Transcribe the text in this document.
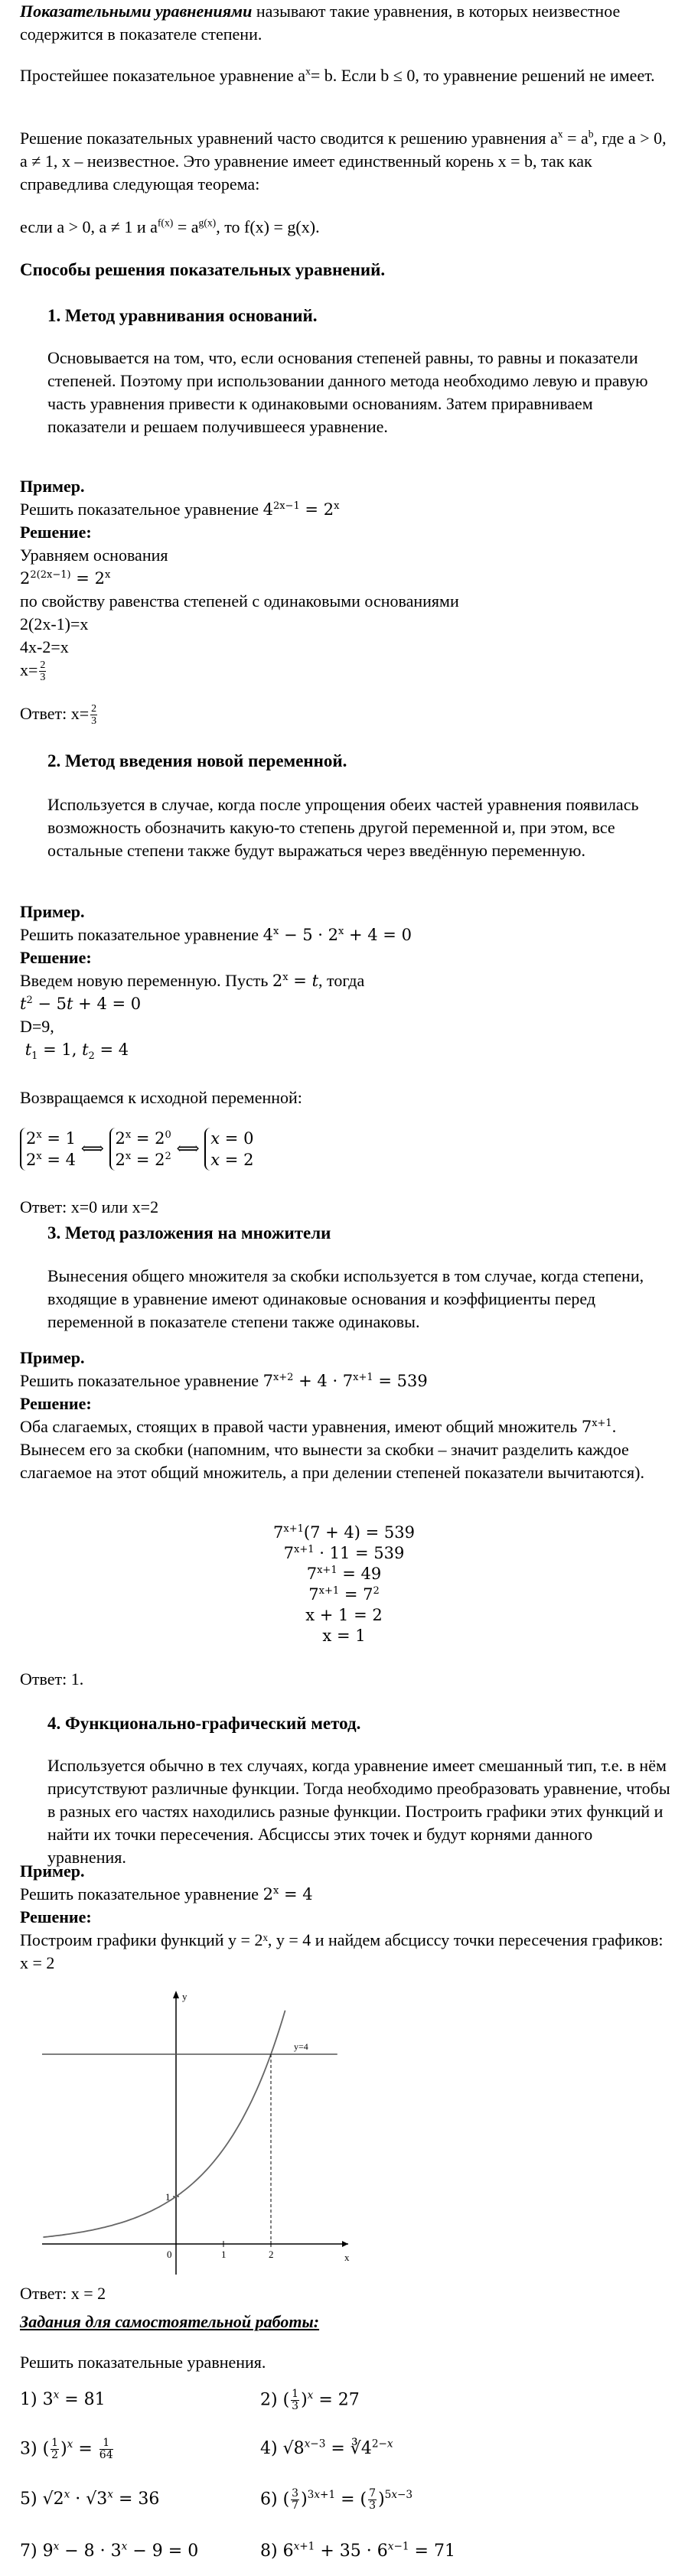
Показательными уравнениями называют такие уравнения, в которых неизвестное содержится в показателе степени.
Простейшее показательное уравнение $a^x= b$. Если b ≤ 0, то уравнение решений не имеет.
Решение показательных уравнений часто сводится к решению уравнения $a^x = a^b$, где a > 0, a ≠ 1, x – неизвестное. Это уравнение имеет единственный корень x = b, так как справедлива следующая теорема:
если a > 0, a ≠ 1 и $a^{f(x)} = a^{g(x)}$, то f(x) = g(x).
Способы решения показательных уравнений.
1. Метод уравнивания оснований.
Основывается на том, что, если основания степеней равны, то равны и показатели степеней. Поэтому при использовании данного метода необходимо левую и правую часть уравнения привести к одинаковыми основаниям. Затем приравниваем показатели и решаем получившееся уравнение.
Пример.
Решить показательное уравнение $4^{2x-1} = 2^x$
Решение:
Уравняем основания
$2^{2(2x-1)} = 2^x$
по свойству равенства степеней с одинаковыми основаниями
2(2x-1)=x
4x-2=x
$x= \frac{2}{3}$
Ответ: $x= \frac{2}{3}$
2. Метод введения новой переменной.
Используется в случае, когда после упрощения обеих частей уравнения появилась возможность обозначить какую-то степень другой переменной и, при этом, все остальные степени также будут выражаться через введённую переменную.
Пример.
Решить показательное уравнение $4^x - 5 \cdot 2^x + 4 = 0$
Решение:
Введем новую переменную. Пусть $2^x = t$, тогда
$t^2 - 5t + 4 = 0$
D=9,
$t_1 = 1$, $t_2 = 4$
Возвращаемся к исходной переменной:
$2^x = 1$
$2^x = 4$ ⟺ $2^x = 2^0$
$2^x = 2^2$ ⟺ x = 0
x = 2
Ответ: x=0 или x=2
3. Метод разложения на множители
Вынесения общего множителя за скобки используется в том случае, когда степени, входящие в уравнение имеют одинаковые основания и коэффициенты перед переменной в показателе степени также одинаковы.
Пример.
Решить показательное уравнение $7^{x+2} + 4 \cdot 7^{x+1} = 539$
Решение:
Оба слагаемых, стоящих в правой части уравнения, имеют общий множитель $7^{x+1}$. Вынесем его за скобки (напомним, что вынести за скобки – значит разделить каждое слагаемое на этот общий множитель, а при делении степеней показатели вычитаются).
$7^{x+1}(7 + 4) = 539$
$7^{x+1} \cdot 11 = 539$
$7^{x+1} = 49$
$7^{x+1} = 7^2$
x + 1 = 2
x = 1
Ответ: 1.
4. Функционально-графический метод.
Используется обычно в тех случаях, когда уравнение имеет смешанный тип, т.е. в нём присутствуют различные функции. Тогда необходимо преобразовать уравнение, чтобы в разных его частях находились разные функции. Построить графики этих функций и найти их точки пересечения. Абсциссы этих точек и будут корнями данного уравнения.
Пример.
Решить показательное уравнение $2^x = 4$
Решение:
Построим графики функций y = 2ˣ, y = 4 и найдем абсциссу точки пересечения графиков: x = 2
y
x
y=4
0	1	2
1
Ответ: x = 2
Задания для самостоятельной работы:
Решить показательные уравнения.
1) $3^x = 81$	2) ( $\frac{1}{3} )^x = 27$
3) ( $\frac{1}{2} )^x = \frac{1}{64}$	4) $√8^{x-3}$ = $∛4^{2-x}$
5) $√2^x \cdot √3^x = 36$	6) ( $\frac{3}{7} )^{3x+1}$ = ( $\frac{7}{3} )^{5x-3}$
7) $9^x - 8 \cdot 3^x - 9 = 0$	8) $6^{x+1} + 35 \cdot 6^{x-1} = 71$
